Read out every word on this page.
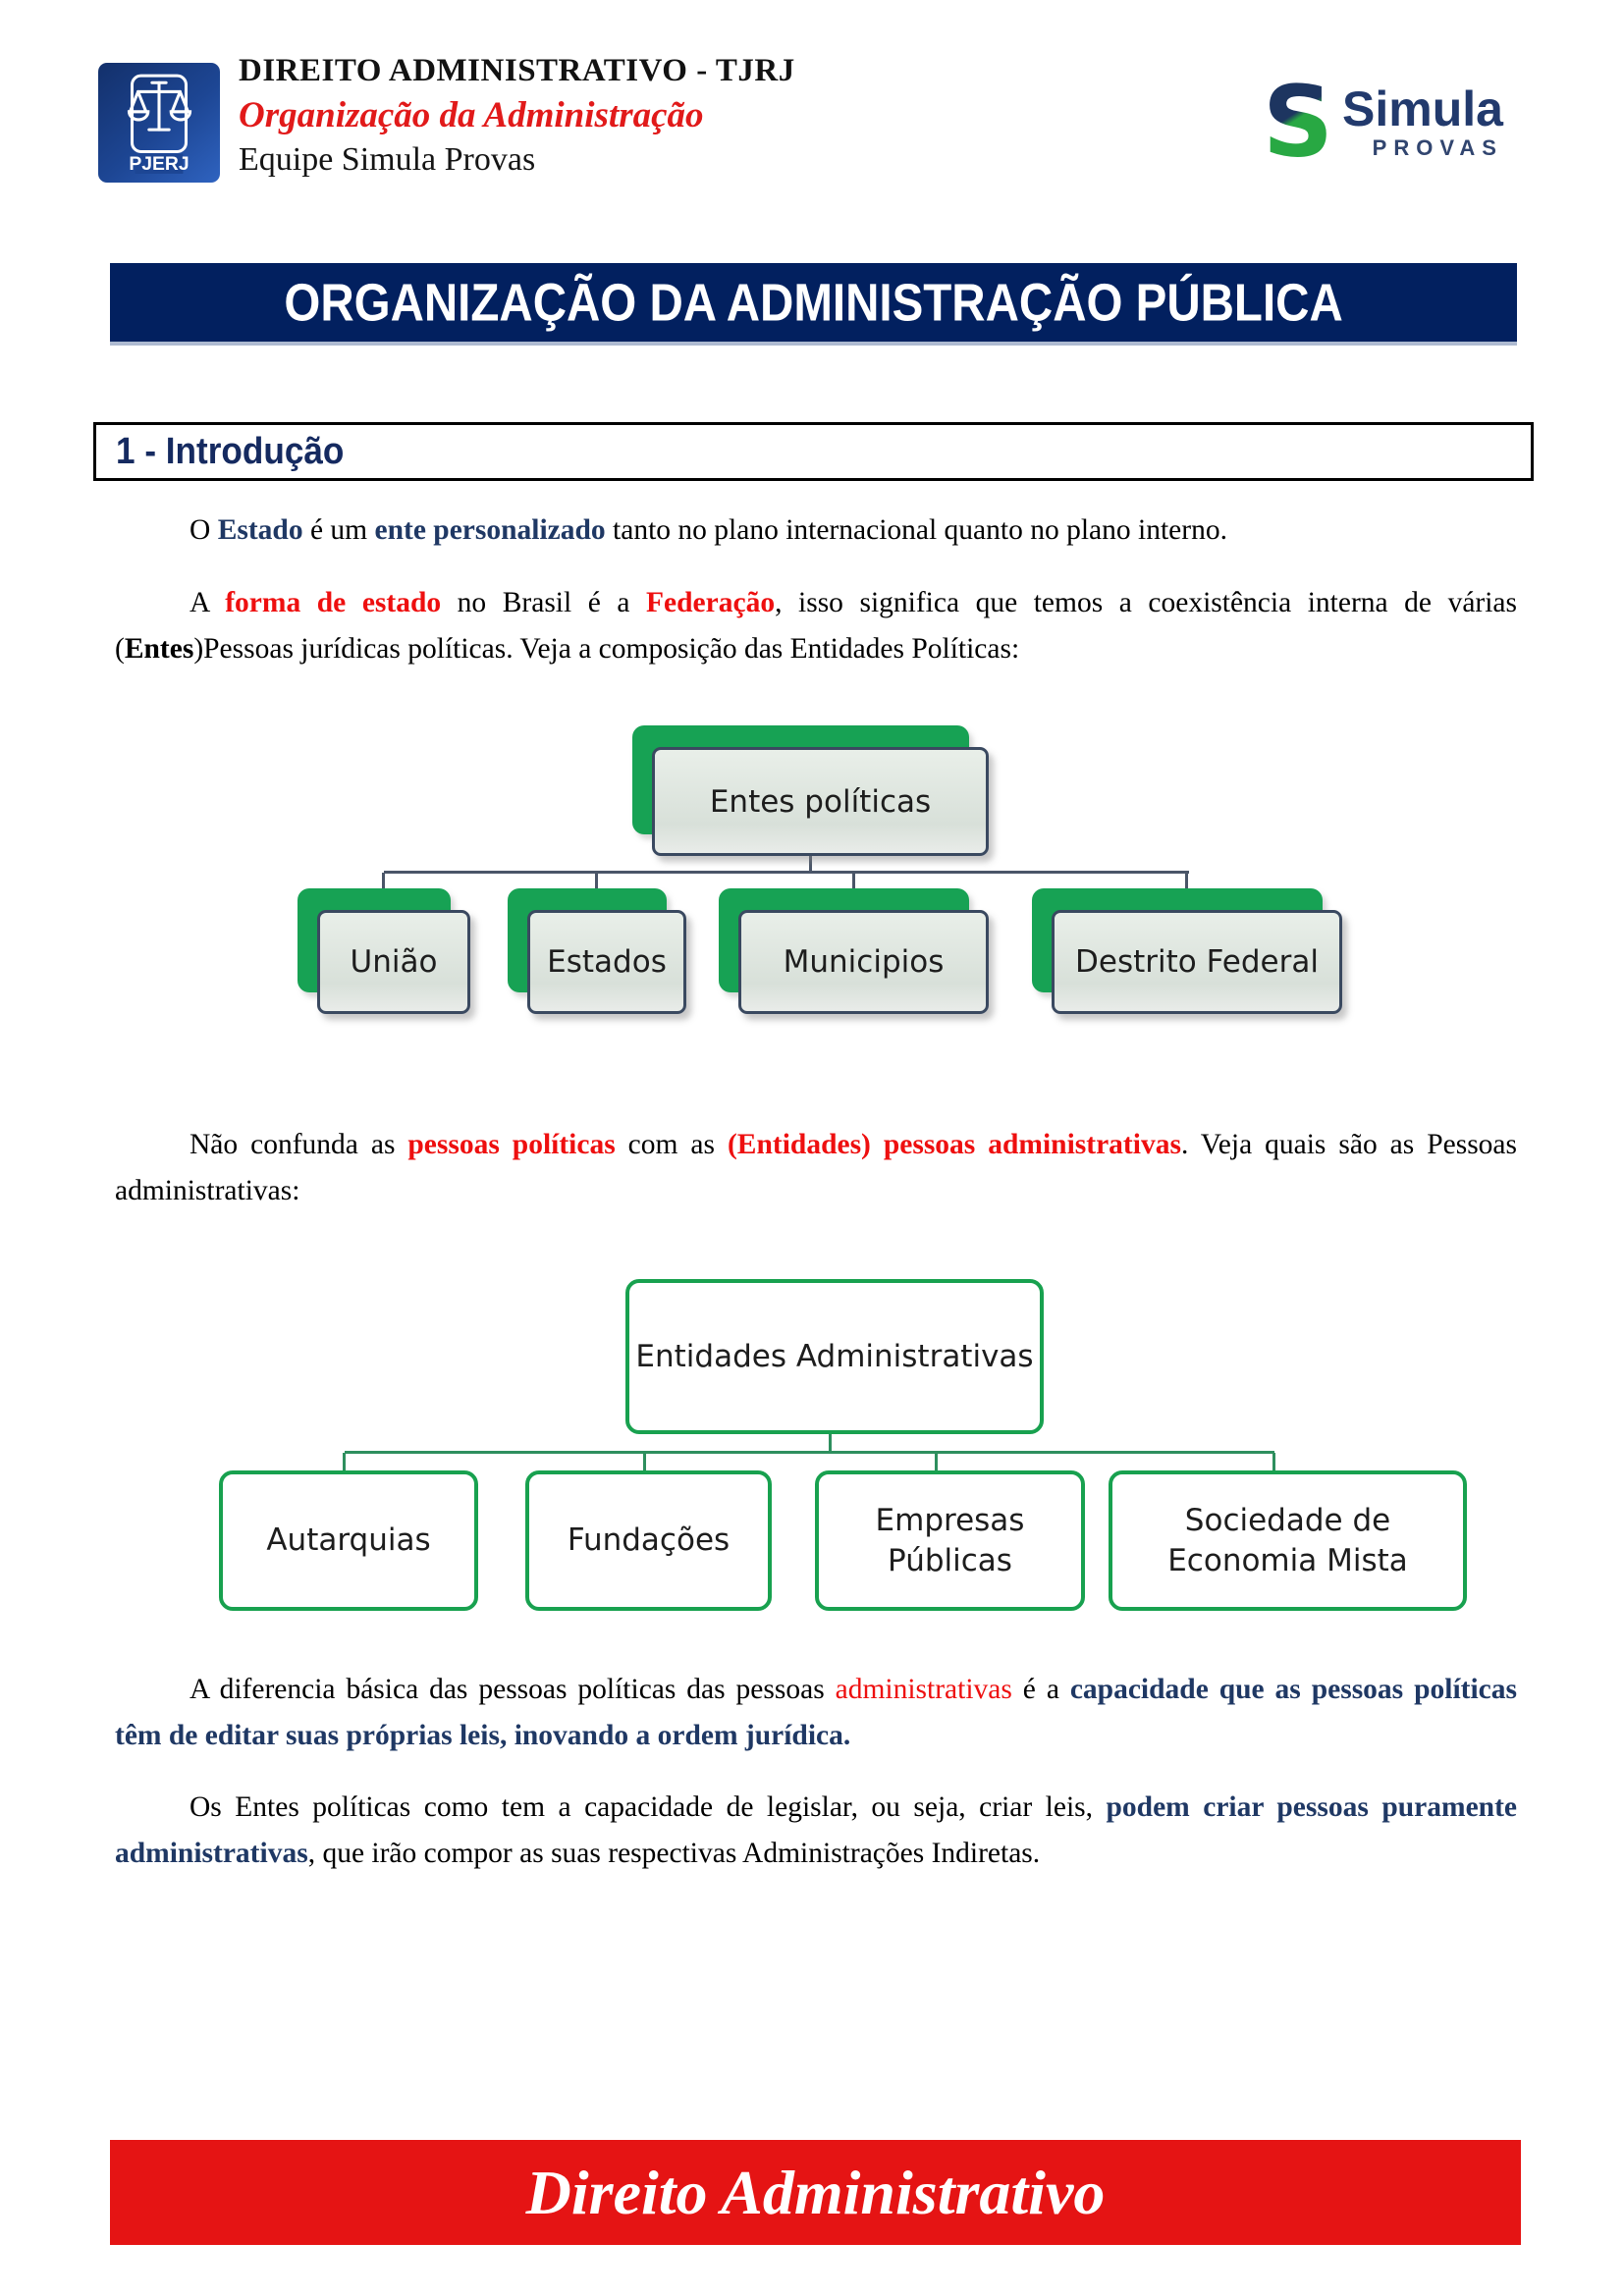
PJERJ
DIREITO ADMINISTRATIVO - TJRJ
Organização da Administração
Equipe Simula Provas	S Simula
PROVAS
ORGANIZAÇÃO DA ADMINISTRAÇÃO PÚBLICA
1 - Introdução
O Estado é um ente personalizado tanto no plano internacional quanto no plano interno.
A forma de estado no Brasil é a Federação, isso significa que temos a coexistência interna de várias (Entes)Pessoas jurídicas políticas. Veja a composição das Entidades Políticas:
Entes políticas
União	Estados	Municipios	Destrito Federal
Não confunda as pessoas políticas com as (Entidades) pessoas administrativas. Veja quais são as Pessoas administrativas:
Entidades Administrativas
Autarquias	Fundações
Empresas Públicas
Sociedade de Economia Mista
A diferencia básica das pessoas políticas das pessoas administrativas é a capacidade que as pessoas políticas têm de editar suas próprias leis, inovando a ordem jurídica.
Os Entes políticas como tem a capacidade de legislar, ou seja, criar leis, podem criar pessoas puramente administrativas, que irão compor as suas respectivas Administrações Indiretas.
Direito Administrativo
